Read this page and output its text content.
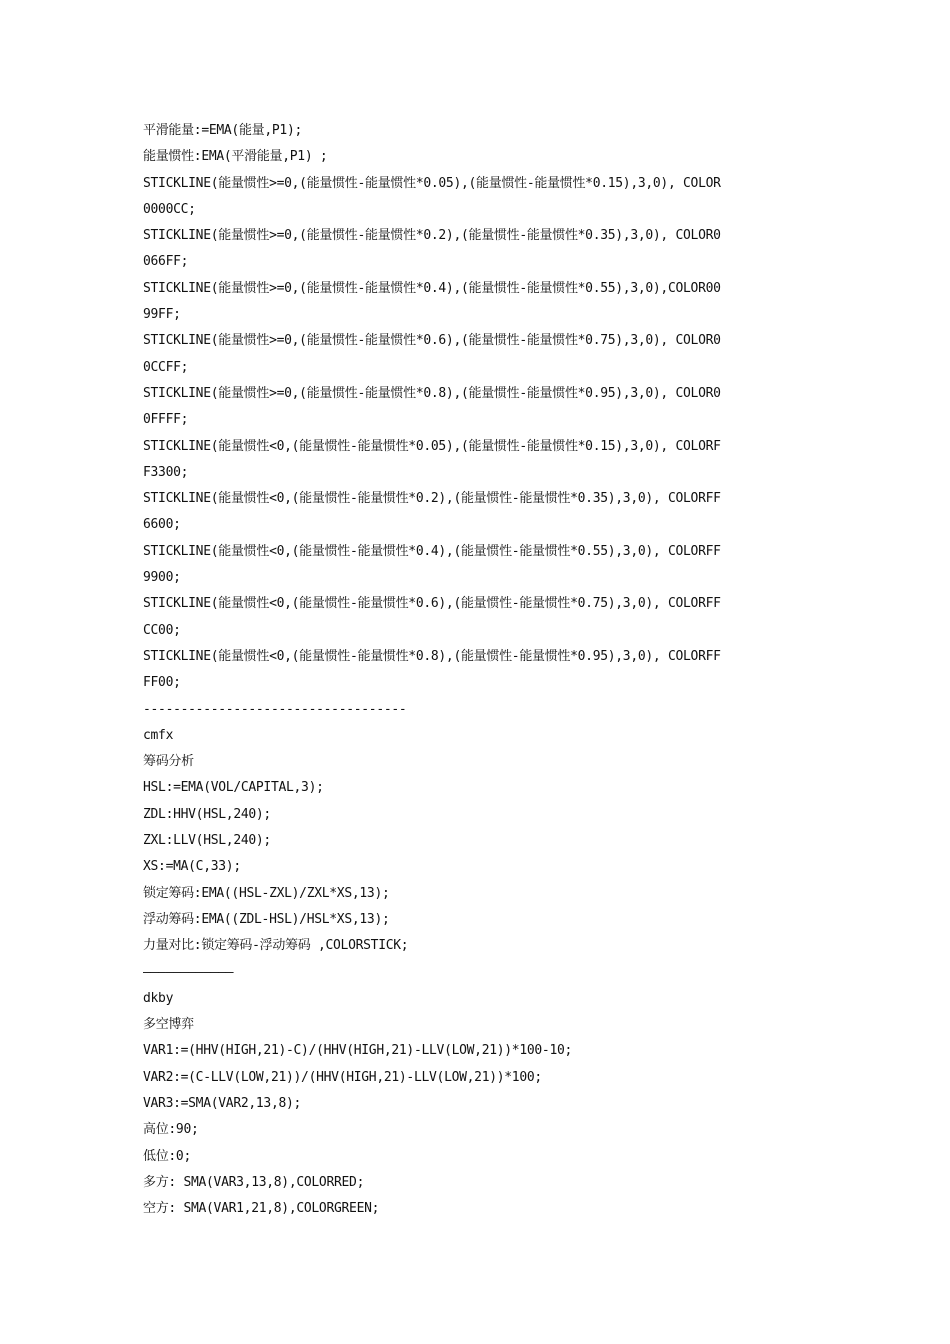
平滑能量:=EMA(能量,P1);
能量惯性:EMA(平滑能量,P1) ;
STICKLINE(能量惯性>=0,(能量惯性-能量惯性*0.05),(能量惯性-能量惯性*0.15),3,0), COLOR
0000CC;
STICKLINE(能量惯性>=0,(能量惯性-能量惯性*0.2),(能量惯性-能量惯性*0.35),3,0), COLOR0
066FF;
STICKLINE(能量惯性>=0,(能量惯性-能量惯性*0.4),(能量惯性-能量惯性*0.55),3,0),COLOR00
99FF;
STICKLINE(能量惯性>=0,(能量惯性-能量惯性*0.6),(能量惯性-能量惯性*0.75),3,0), COLOR0
0CCFF;
STICKLINE(能量惯性>=0,(能量惯性-能量惯性*0.8),(能量惯性-能量惯性*0.95),3,0), COLOR0
0FFFF;
STICKLINE(能量惯性<0,(能量惯性-能量惯性*0.05),(能量惯性-能量惯性*0.15),3,0), COLORF
F3300;
STICKLINE(能量惯性<0,(能量惯性-能量惯性*0.2),(能量惯性-能量惯性*0.35),3,0), COLORFF
6600;
STICKLINE(能量惯性<0,(能量惯性-能量惯性*0.4),(能量惯性-能量惯性*0.55),3,0), COLORFF
9900;
STICKLINE(能量惯性<0,(能量惯性-能量惯性*0.6),(能量惯性-能量惯性*0.75),3,0), COLORFF
CC00;
STICKLINE(能量惯性<0,(能量惯性-能量惯性*0.8),(能量惯性-能量惯性*0.95),3,0), COLORFF
FF00;
-----------------------------------
cmfx
筹码分析
HSL:=EMA(VOL/CAPITAL,3);
ZDL:HHV(HSL,240);
ZXL:LLV(HSL,240);
XS:=MA(C,33);
锁定筹码:EMA((HSL-ZXL)/ZXL*XS,13);
浮动筹码:EMA((ZDL-HSL)/HSL*XS,13);
力量对比:锁定筹码-浮动筹码 ,COLORSTICK;
――――――――――――
dkby
多空博弈
VAR1:=(HHV(HIGH,21)-C)/(HHV(HIGH,21)-LLV(LOW,21))*100-10;
VAR2:=(C-LLV(LOW,21))/(HHV(HIGH,21)-LLV(LOW,21))*100;
VAR3:=SMA(VAR2,13,8);
高位:90;
低位:0;
多方: SMA(VAR3,13,8),COLORRED;
空方: SMA(VAR1,21,8),COLORGREEN;
